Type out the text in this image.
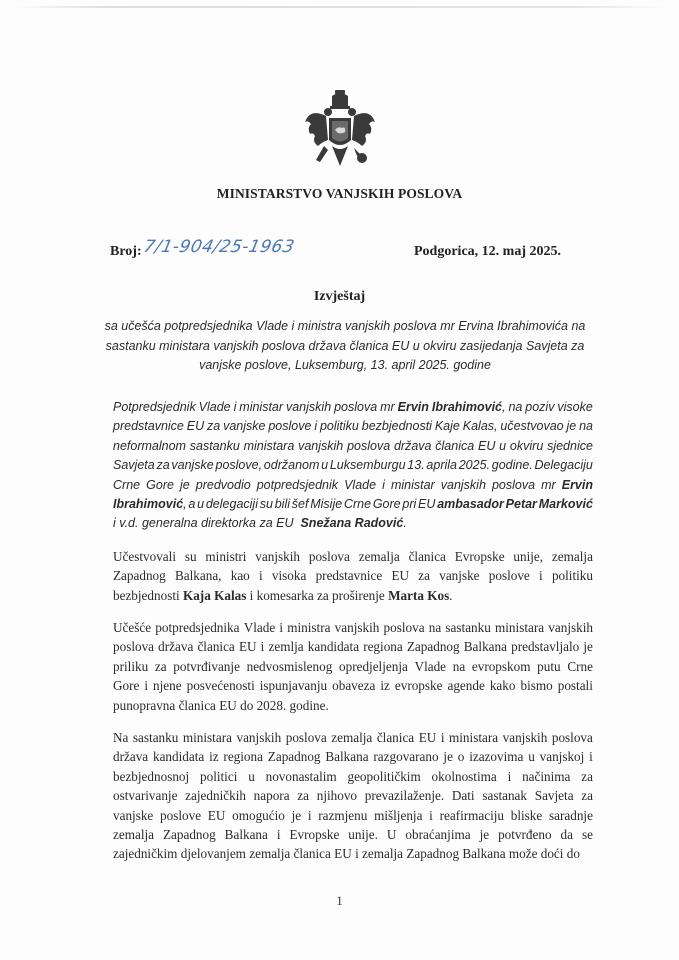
MINISTARSTVO VANJSKIH POSLOVA
Broj:7/1-904/25-1963	Podgorica, 12. maj 2025.
Izvještaj
sa učešća potpredsjednika Vlade i ministra vanjskih poslova mr Ervina Ibrahimovića na
sastanku ministara vanjskih poslova država članica EU u okviru zasijedanja Savjeta za
vanjske poslove, Luksemburg, 13. april 2025. godine
Potpredsjednik Vlade i ministar vanjskih poslova mr Ervin Ibrahimović, na poziv visoke
predstavnice EU za vanjske poslove i politiku bezbjednosti Kaje Kalas, učestvovao je na
neformalnom sastanku ministara vanjskih poslova država članica EU u okviru sjednice
Savjeta za vanjske poslove, održanom u Luksemburgu 13. aprila 2025. godine. Delegaciju
Crne Gore je predvodio potpredsjednik Vlade i ministar vanjskih poslova mr Ervin
Ibrahimović, a u delegaciji su bili šef Misije Crne Gore pri EU ambasador Petar Marković
i v.d. generalna direktorka za EU Snežana Radović.
Učestvovali su ministri vanjskih poslova zemalja članica Evropske unije, zemalja
Zapadnog Balkana, kao i visoka predstavnice EU za vanjske poslove i politiku
bezbjednosti Kaja Kalas i komesarka za proširenje Marta Kos.
Učešće potpredsjednika Vlade i ministra vanjskih poslova na sastanku ministara vanjskih
poslova država članica EU i zemlja kandidata regiona Zapadnog Balkana predstavljalo je
priliku za potvrđivanje nedvosmislenog opredjeljenja Vlade na evropskom putu Crne
Gore i njene posvećenosti ispunjavanju obaveza iz evropske agende kako bismo postali
punopravna članica EU do 2028. godine.
Na sastanku ministara vanjskih poslova zemalja članica EU i ministara vanjskih poslova
država kandidata iz regiona Zapadnog Balkana razgovarano je o izazovima u vanjskoj i
bezbjednosnoj politici u novonastalim geopolitičkim okolnostima i načinima za
ostvarivanje zajedničkih napora za njihovo prevazilaženje. Dati sastanak Savjeta za
vanjske poslove EU omogućio je i razmjenu mišljenja i reafirmaciju bliske saradnje
zemalja Zapadnog Balkana i Evropske unije. U obraćanjima je potvrđeno da se
zajedničkim djelovanjem zemalja članica EU i zemalja Zapadnog Balkana može doći do
1
